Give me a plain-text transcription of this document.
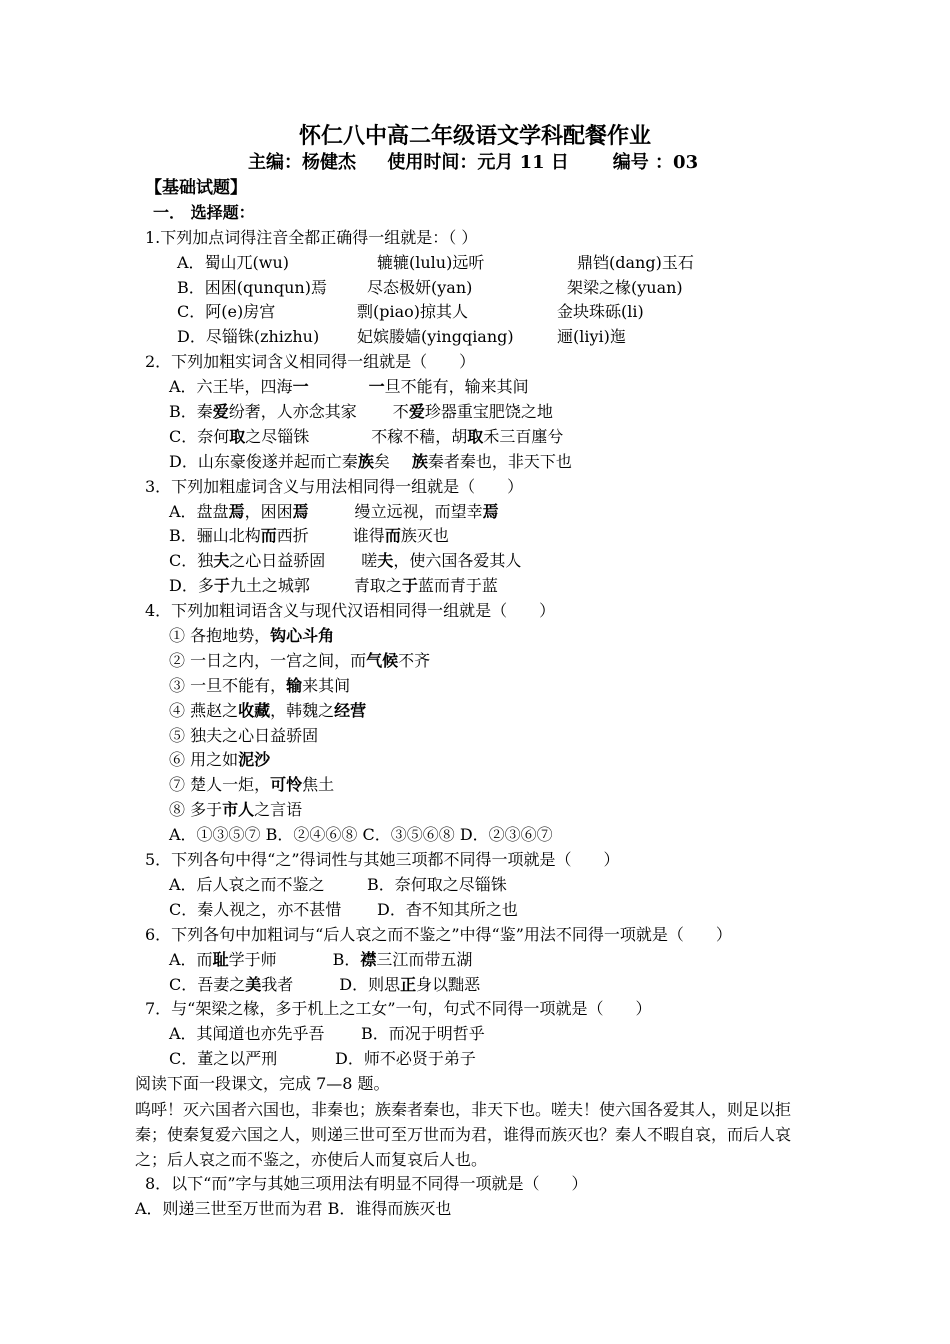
怀仁八中高二年级语文学科配餐作业
主编：杨健杰     使用时间：元月 11 日       编号 ：03
【基础试题】
一． 选择题：
1.下列加点词得注音全都正确得一组就是：（ ）
A．蜀山兀(wu)	辘辘(lulu)远听	鼎铛(dang)玉石
B．困困(qunqun)焉	尽态极妍(yan)	架梁之椽(yuan)
C．阿(e)房宫	剽(piao)掠其人	金块珠砾(li)
D．尽锱铢(zhizhu) 妃嫔媵嫱(yingqiang)	逦(liyi)迤
2．下列加粗实词含义相同得一组就是（　　）
A．六王毕，四海一	一旦不能有，输来其间
B．秦爱纷奢，人亦念其家 不爱珍器重宝肥饶之地
C．奈何取之尽锱铢	不稼不穑，胡取禾三百廛兮
D．山东豪俊遂并起而亡秦族矣 族秦者秦也，非天下也
3．下列加粗虚词含义与用法相同得一组就是（　　）
A．盘盘焉，困困焉	缦立远视，而望幸焉
B．骊山北构而西折	谁得而族灭也
C．独夫之心日益骄固 嗟夫，使六国各爱其人
D．多于九土之城郭	青取之于蓝而青于蓝
4．下列加粗词语含义与现代汉语相同得一组就是（　　）
① 各抱地势，钩心斗角
② 一日之内，一宫之间，而气候不齐
③ 一旦不能有，输来其间
④ 燕赵之收藏，韩魏之经营
⑤ 独夫之心日益骄固
⑥ 用之如泥沙
⑦ 楚人一炬，可怜焦土
⑧ 多于市人之言语
A．①③⑤⑦ B．②④⑥⑧ C．③⑤⑥⑧ D．②③⑥⑦
5．下列各句中得“之”得词性与其她三项都不同得一项就是（　　）
A．后人哀之而不鉴之	B．奈何取之尽锱铢
C．秦人视之，亦不甚惜 D．杳不知其所之也
6．下列各句中加粗词与“后人哀之而不鉴之”中得“鉴”用法不同得一项就是（　　）
A．而耻学于师	B．襟三江而带五湖
C．吾妻之美我者	D．则思正身以黜恶
7．与“架梁之椽，多于机上之工女”一句，句式不同得一项就是（　　）
A．其闻道也亦先乎吾 B．而况于明哲乎
C．董之以严刑	D．师不必贤于弟子
阅读下面一段课文，完成 7—8 题。
呜呼！灭六国者六国也，非秦也；族秦者秦也，非天下也。嗟夫！使六国各爱其人，则足以拒秦；使秦复爱六国之人，则递三世可至万世而为君，谁得而族灭也？秦人不暇自哀，而后人哀之；后人哀之而不鉴之，亦使后人而复哀后人也。
8．以下“而”字与其她三项用法有明显不同得一项就是（　　）
A．则递三世至万世而为君 B．谁得而族灭也
